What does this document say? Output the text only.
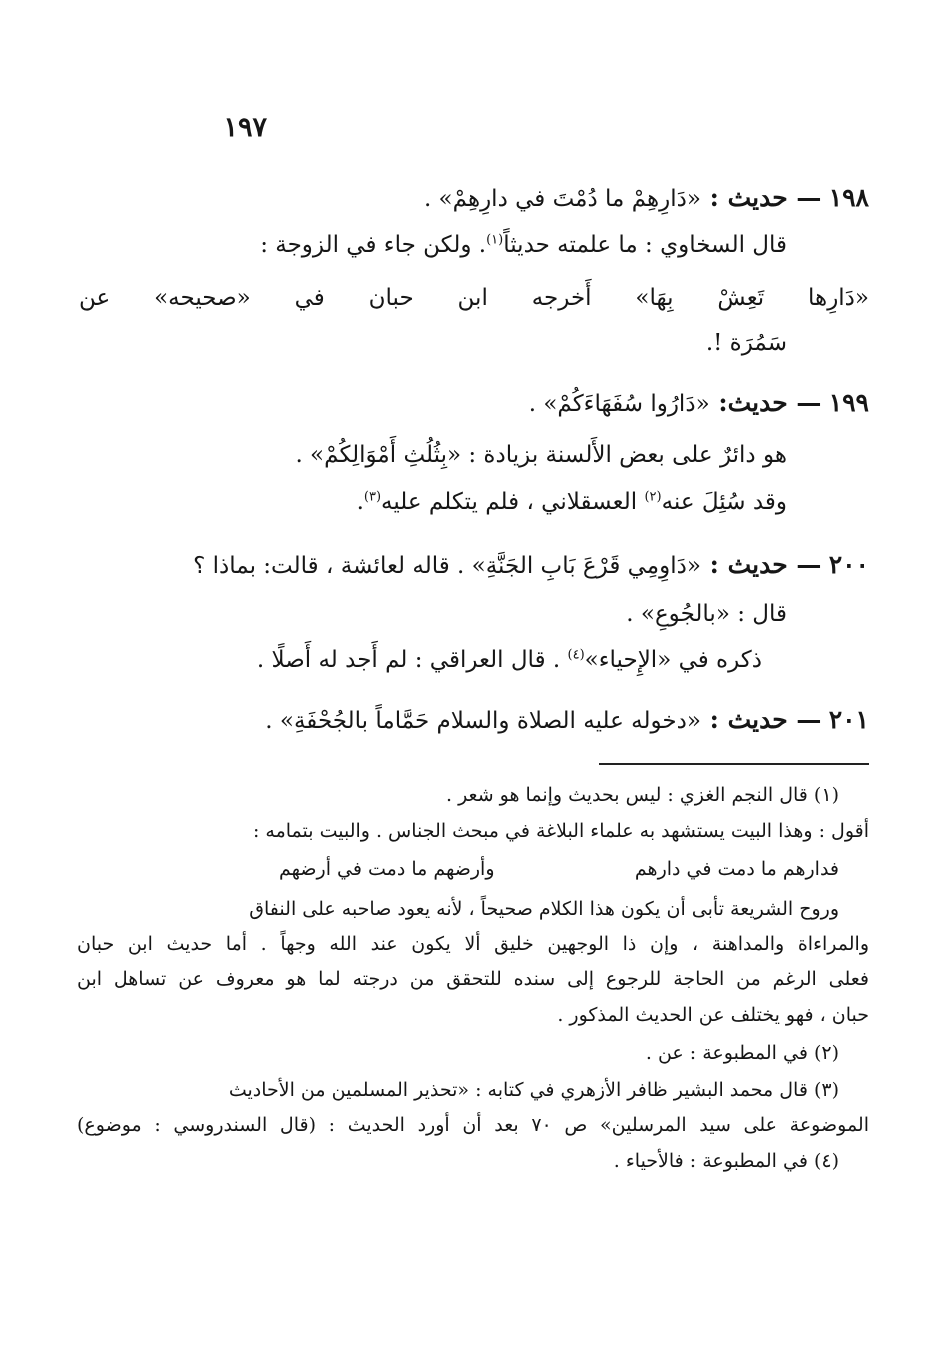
١٩٧
١٩٨ — حديث : «دَارِهِمْ ما دُمْتَ في دارِهِمْ» .
قال السخاوي : ما علمته حديثاً$^{(١)}$. ولكن جاء في الزوجة :
«دَارِها تَعِشْ بِهَا» أَخرجه ابن حبان في «صحيحه» عن
سَمُرَة !.
١٩٩ — حديث: «دَارُوا سُفَهَاءَكُمْ» .
هو دائرٌ على بعض الأَلسنة بزيادة : «بِثُلُثِ أَمْوَالِكُمْ» .
وقد سُئِلَ عنه$^{(٢)}$ العسقلاني ، فلم يتكلم عليه$^{(٣)}$.
٢٠٠ — حديث : «دَاوِمِي قَرْعَ بَابِ الجَنَّةِ» . قاله لعائشة ، قالت: بماذا ؟
قال : «بالجُوعِ» .
ذكره في «الإِحياء»$^{(٤)}$ . قال العراقي : لم أَجد له أَصلًا .
٢٠١ — حديث : «دخوله عليه الصلاة والسلام حَمَّاماً بالجُحْفَةِ» .
(١) قال النجم الغزي : ليس بحديث وإنما هو شعر .
أقول : وهذا البيت يستشهد به علماء البلاغة في مبحث الجناس . والبيت بتمامه :
فدارهم ما دمت في دارهم
وأرضهم ما دمت في أرضهم
وروح الشريعة تأبى أن يكون هذا الكلام صحيحاً ، لأنه يعود صاحبه على النفاق
والمراءاة والمداهنة ، وإن ذا الوجهين خليق ألا يكون عند الله وجهاً . أما حديث ابن حبان
فعلى الرغم من الحاجة للرجوع إلى سنده للتحقق من درجته لما هو معروف عن تساهل ابن
حبان ، فهو يختلف عن الحديث المذكور .
(٢) في المطبوعة : عن .
(٣) قال محمد البشير ظافر الأزهري في كتابه : «تحذير المسلمين من الأحاديث
الموضوعة على سيد المرسلين» ص ٧٠ بعد أن أورد الحديث : (قال السندروسي : موضوع)
(٤) في المطبوعة : فالأحياء .
